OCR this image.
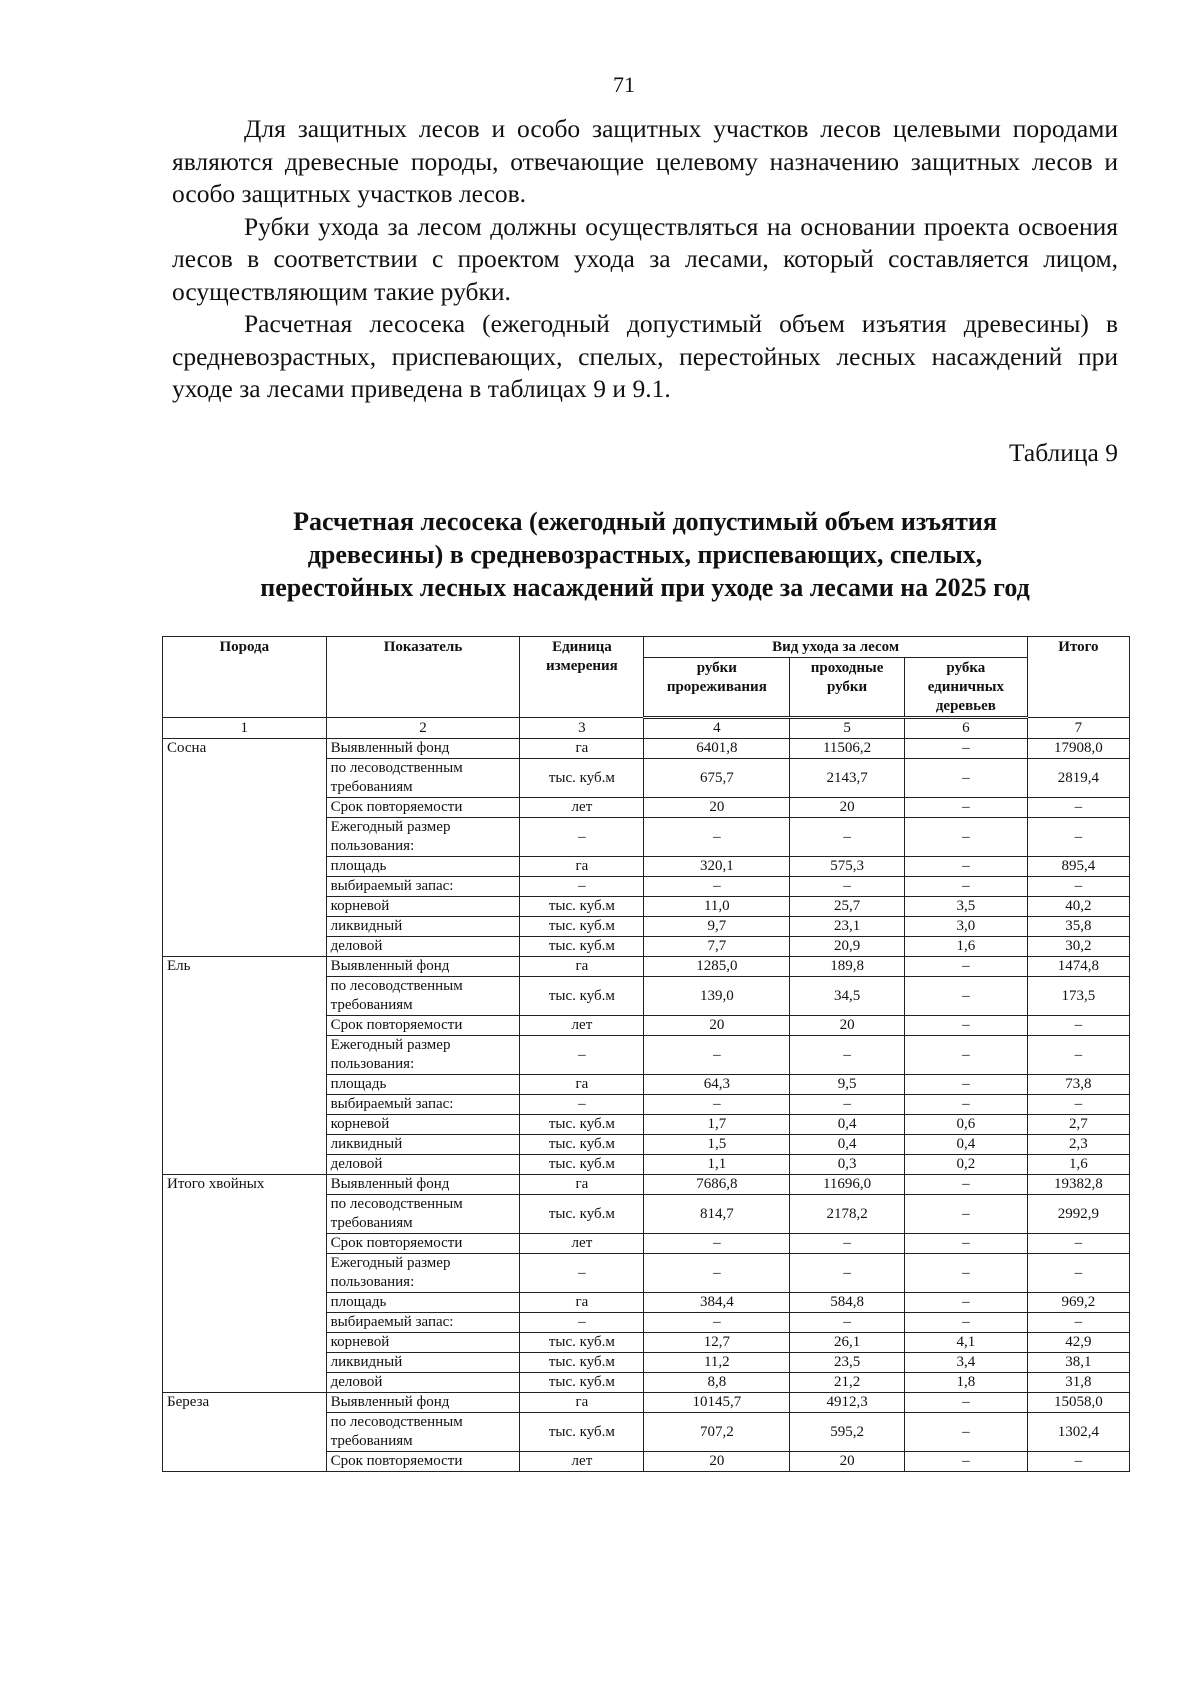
71

Для защитных лесов и особо защитных участков лесов целевыми породами являются древесные породы, отвечающие целевому назначению защитных лесов и особо защитных участков лесов.

Рубки ухода за лесом должны осуществляться на основании проекта освоения лесов в соответствии с проектом ухода за лесами, который составляется лицом, осуществляющим такие рубки.

Расчетная лесосека (ежегодный допустимый объем изъятия древесины) в средневозрастных, приспевающих, спелых, перестойных лесных насаждений при уходе за лесами приведена в таблицах 9 и 9.1.

Таблица 9
Расчетная лесосека (ежегодный допустимый объем изъятия
древесины) в средневозрастных, приспевающих, спелых,
перестойных лесных насаждений при уходе за лесами на 2025 год
Порода	Показатель	Единица измерения	Вид ухода за лесом			Итого
			рубки прореживания	проходные рубки	рубка единичных деревьев	
1	2	3	4	5	6	7
Сосна	Выявленный фонд	га	6401,8	11506,2	–	17908,0
	по лесоводственным требованиям	тыс. куб.м	675,7	2143,7	–	2819,4
	Срок повторяемости	лет	20	20	–	–
	Ежегодный размер пользования:	–	–	–	–	–
	площадь	га	320,1	575,3	–	895,4
	выбираемый запас:	–	–	–	–	–
	корневой	тыс. куб.м	11,0	25,7	3,5	40,2
	ликвидный	тыс. куб.м	9,7	23,1	3,0	35,8
	деловой	тыс. куб.м	7,7	20,9	1,6	30,2
Ель	Выявленный фонд	га	1285,0	189,8	–	1474,8
	по лесоводственным требованиям	тыс. куб.м	139,0	34,5	–	173,5
	Срок повторяемости	лет	20	20	–	–
	Ежегодный размер пользования:	–	–	–	–	–
	площадь	га	64,3	9,5	–	73,8
	выбираемый запас:	–	–	–	–	–
	корневой	тыс. куб.м	1,7	0,4	0,6	2,7
	ликвидный	тыс. куб.м	1,5	0,4	0,4	2,3
	деловой	тыс. куб.м	1,1	0,3	0,2	1,6
Итого хвойных	Выявленный фонд	га	7686,8	11696,0	–	19382,8
	по лесоводственным требованиям	тыс. куб.м	814,7	2178,2	–	2992,9
	Срок повторяемости	лет	–	–	–	–
	Ежегодный размер пользования:	–	–	–	–	–
	площадь	га	384,4	584,8	–	969,2
	выбираемый запас:	–	–	–	–	–
	корневой	тыс. куб.м	12,7	26,1	4,1	42,9
	ликвидный	тыс. куб.м	11,2	23,5	3,4	38,1
	деловой	тыс. куб.м	8,8	21,2	1,8	31,8
Береза	Выявленный фонд	га	10145,7	4912,3	–	15058,0
	по лесоводственным требованиям	тыс. куб.м	707,2	595,2	–	1302,4
	Срок повторяемости	лет	20	20	–	–
